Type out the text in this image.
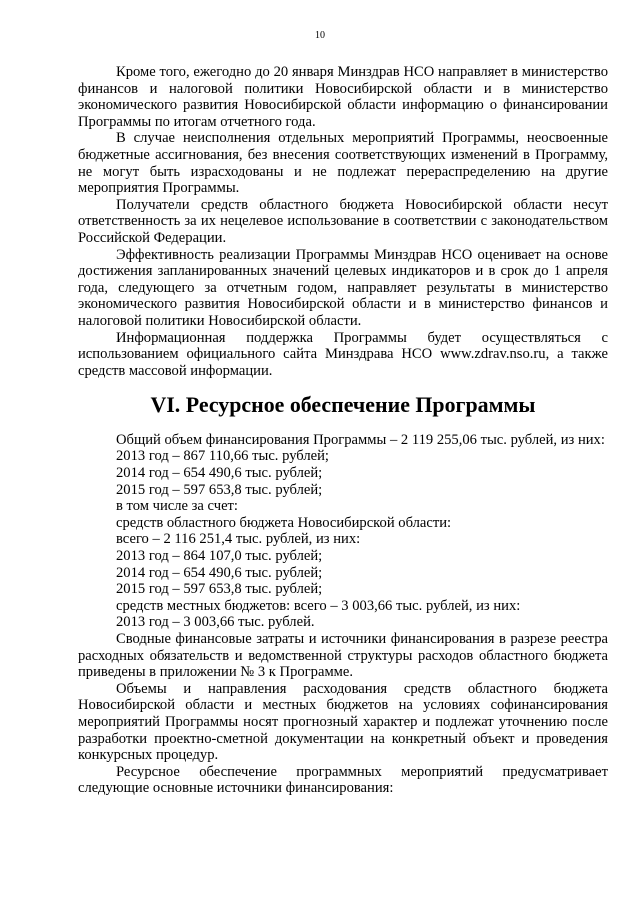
10

Кроме того, ежегодно до 20 января Минздрав НСО направляет в министерство финансов и налоговой политики Новосибирской области и в министерство экономического развития Новосибирской области информацию о финансировании Программы по итогам отчетного года.

В случае неисполнения отдельных мероприятий Программы, неосвоенные бюджетные ассигнования, без внесения соответствующих изменений в Программу, не могут быть израсходованы и не подлежат перераспределению на другие мероприятия Программы.

Получатели средств областного бюджета Новосибирской области несут ответственность за их нецелевое использование в соответствии с законодательством Российской Федерации.

Эффективность реализации Программы Минздрав НСО оценивает на основе достижения запланированных значений целевых индикаторов и в срок до 1 апреля года, следующего за отчетным годом, направляет результаты в министерство экономического развития Новосибирской области и в министерство финансов и налоговой политики Новосибирской области.

Информационная поддержка Программы будет осуществляться с использованием официального сайта Минздрава НСО www.zdrav.nso.ru, а также средств массовой информации.

VI. Ресурсное обеспечение Программы

Общий объем финансирования Программы – 2 119 255,06 тыс. рублей, из них:

2013 год – 867 110,66 тыс. рублей;

2014 год – 654 490,6 тыс. рублей;

2015 год – 597 653,8 тыс. рублей;

в том числе за счет:

средств областного бюджета Новосибирской области:

всего – 2 116 251,4 тыс. рублей, из них:

2013 год – 864 107,0 тыс. рублей;

2014 год – 654 490,6 тыс. рублей;

2015 год – 597 653,8 тыс. рублей;

средств местных бюджетов: всего – 3 003,66 тыс. рублей, из них:

2013 год – 3 003,66 тыс. рублей.

Сводные финансовые затраты и источники финансирования в разрезе реестра расходных обязательств и ведомственной структуры расходов областного бюджета приведены в приложении № 3 к Программе.

Объемы и направления расходования средств областного бюджета Новосибирской области и местных бюджетов на условиях софинансирования мероприятий Программы носят прогнозный характер и подлежат уточнению после разработки проектно-сметной документации на конкретный объект и проведения конкурсных процедур.

Ресурсное обеспечение программных мероприятий предусматривает следующие основные источники финансирования:
